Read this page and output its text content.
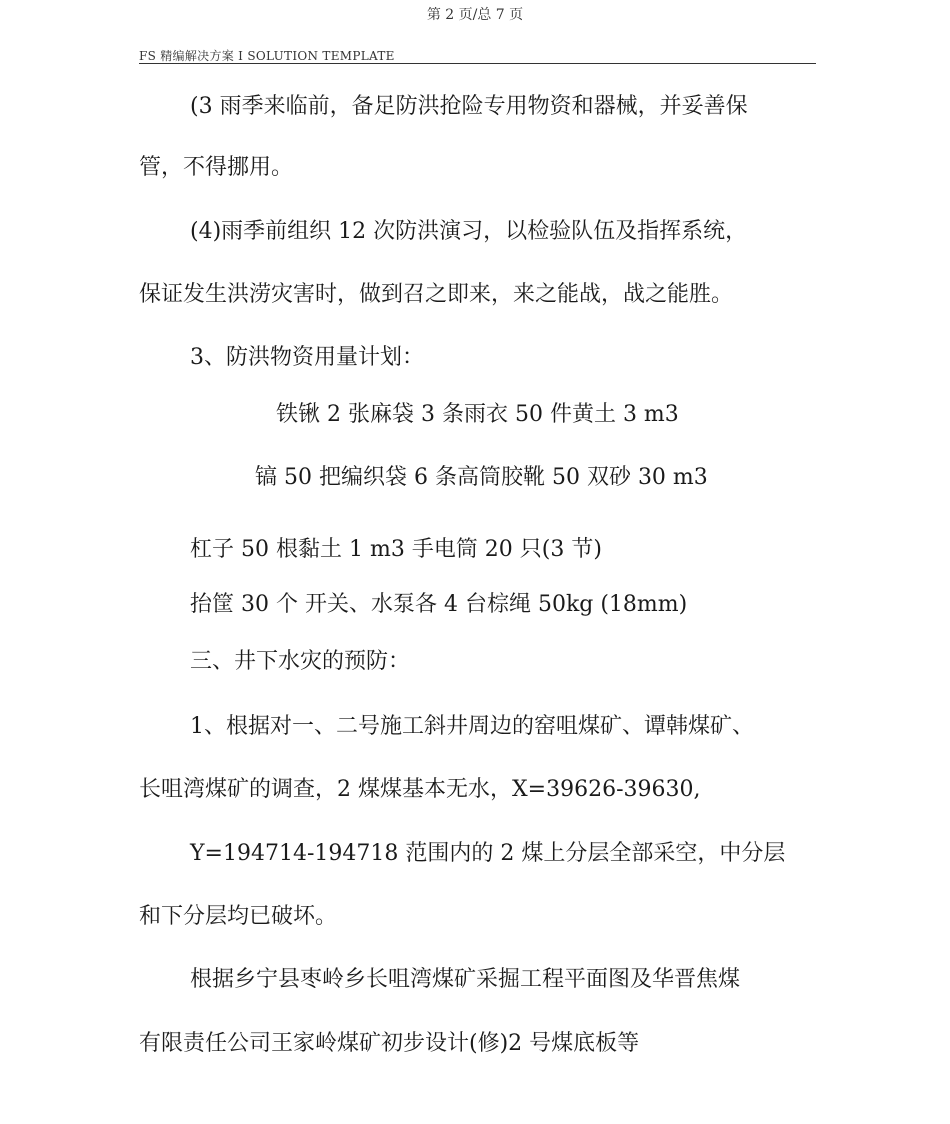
第 2 页/总 7 页
FS 精编解决方案 I SOLUTION TEMPLATE
(3 雨季来临前，备足防洪抢险专用物资和器械，并妥善保
管，不得挪用。
(4)雨季前组织 12 次防洪演习，以检验队伍及指挥系统，
保证发生洪涝灾害时，做到召之即来，来之能战，战之能胜。
3、防洪物资用量计划：
铁锹 2 张麻袋 3 条雨衣 50 件黄土 3 m3
镐 50 把编织袋 6 条高筒胶靴 50 双砂 30 m3
杠子 50 根黏土 1 m3 手电筒 20 只(3 节)
抬筐 30 个 开关、水泵各 4 台棕绳 50kg (18mm)
三、井下水灾的预防：
1、根据对一、二号施工斜井周边的窑咀煤矿、谭韩煤矿、
长咀湾煤矿的调查，2 煤煤基本无水，X=39626-39630,
Y=194714-194718 范围内的 2 煤上分层全部采空，中分层
和下分层均已破坏。
根据乡宁县枣岭乡长咀湾煤矿采掘工程平面图及华晋焦煤
有限责任公司王家岭煤矿初步设计(修)2 号煤底板等
